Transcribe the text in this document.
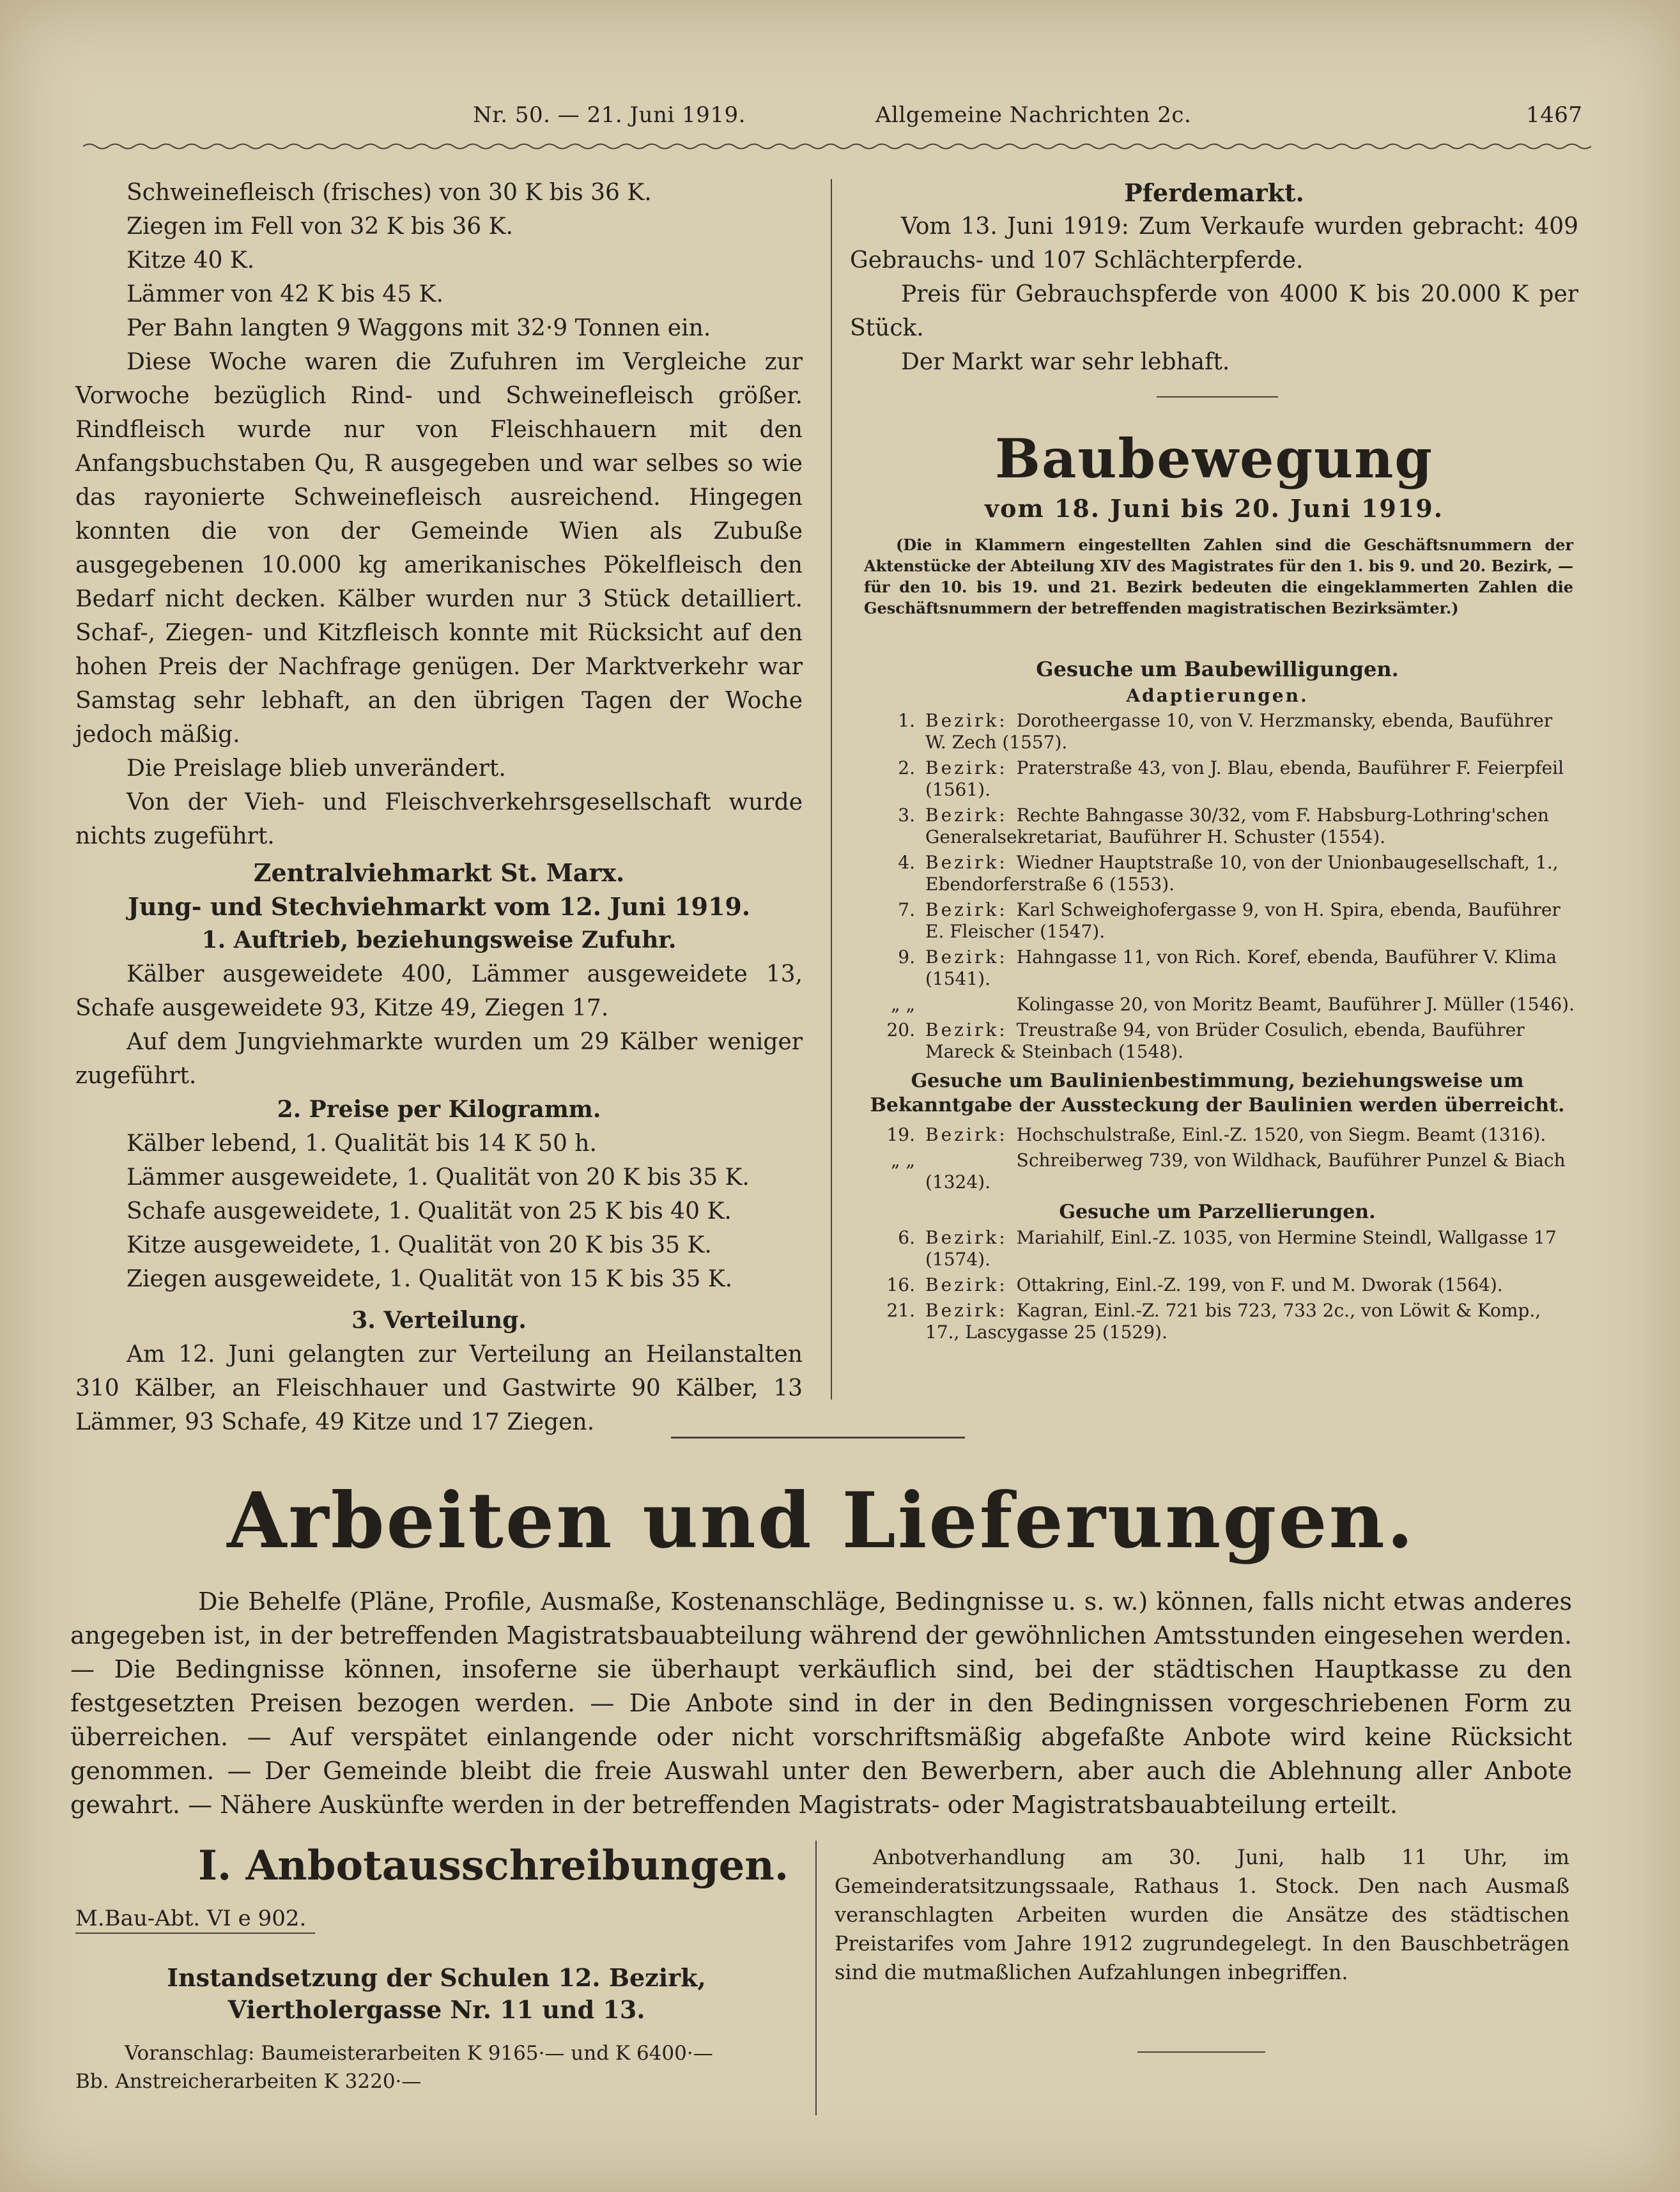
Nr. 50. — 21. Juni 1919.	Allgemeine Nachrichten 2c.	1467

Schweinefleisch (frisches) von 30 K bis 36 K.

Ziegen im Fell von 32 K bis 36 K.

Kitze 40 K.

Lämmer von 42 K bis 45 K.

Per Bahn langten 9 Waggons mit 32·9 Tonnen ein.

Diese Woche waren die Zufuhren im Vergleiche zur Vorwoche bezüglich Rind- und Schweinefleisch größer. Rindfleisch wurde nur von Fleischhauern mit den Anfangsbuchstaben Qu, R ausgegeben und war selbes so wie das rayonierte Schweinefleisch ausreichend. Hingegen konnten die von der Gemeinde Wien als Zubuße ausgegebenen 10.000 kg amerikanisches Pökelfleisch den Bedarf nicht decken. Kälber wurden nur 3 Stück detailliert. Schaf-, Ziegen- und Kitzfleisch konnte mit Rücksicht auf den hohen Preis der Nachfrage genügen. Der Marktverkehr war Samstag sehr lebhaft, an den übrigen Tagen der Woche jedoch mäßig.

Die Preislage blieb unverändert.

Von der Vieh- und Fleischverkehrsgesellschaft wurde nichts zugeführt.

Zentralviehmarkt St. Marx.

Jung- und Stechviehmarkt vom 12. Juni 1919.

1. Auftrieb, beziehungsweise Zufuhr.

Kälber ausgeweidete 400, Lämmer ausgeweidete 13, Schafe ausgeweidete 93, Kitze 49, Ziegen 17.

Auf dem Jungviehmarkte wurden um 29 Kälber weniger zugeführt.

2. Preise per Kilogramm.

Kälber lebend, 1. Qualität bis 14 K 50 h.

Lämmer ausgeweidete, 1. Qualität von 20 K bis 35 K.

Schafe ausgeweidete, 1. Qualität von 25 K bis 40 K.

Kitze ausgeweidete, 1. Qualität von 20 K bis 35 K.

Ziegen ausgeweidete, 1. Qualität von 15 K bis 35 K.

3. Verteilung.

Am 12. Juni gelangten zur Verteilung an Heilanstalten 310 Kälber, an Fleischhauer und Gastwirte 90 Kälber, 13 Lämmer, 93 Schafe, 49 Kitze und 17 Ziegen.

Pferdemarkt.

Vom 13. Juni 1919: Zum Verkaufe wurden gebracht: 409 Gebrauchs- und 107 Schlächterpferde.

Preis für Gebrauchspferde von 4000 K bis 20.000 K per Stück.

Der Markt war sehr lebhaft.

Baubewegung
vom 18. Juni bis 20. Juni 1919.
(Die in Klammern eingestellten Zahlen sind die Geschäftsnummern der Aktenstücke der Abteilung XIV des Magistrates für den 1. bis 9. und 20. Bezirk, — für den 10. bis 19. und 21. Bezirk bedeuten die eingeklammerten Zahlen die Geschäftsnummern der betreffenden magistratischen Bezirksämter.)
Gesuche um Baubewilligungen.
Adaptierungen.
1. Bezirk: Dorotheergasse 10, von V. Herzmansky, ebenda, Bauführer W. Zech (1557).
2. Bezirk: Praterstraße 43, von J. Blau, ebenda, Bauführer F. Feierpfeil (1561).
3. Bezirk: Rechte Bahngasse 30/32, vom F. Habsburg-Lothring'schen Generalsekretariat, Bauführer H. Schuster (1554).
4. Bezirk: Wiedner Hauptstraße 10, von der Unionbaugesellschaft, 1., Ebendorferstraße 6 (1553).
7. Bezirk: Karl Schweighofergasse 9, von H. Spira, ebenda, Bauführer E. Fleischer (1547).
9. Bezirk: Hahngasse 11, von Rich. Koref, ebenda, Bauführer V. Klima (1541).
„ „	Kolingasse 20, von Moritz Beamt, Bauführer J. Müller (1546).
20. Bezirk: Treustraße 94, von Brüder Cosulich, ebenda, Bauführer Mareck & Steinbach (1548).
Gesuche um Baulinienbestimmung, beziehungsweise um Bekanntgabe der Aussteckung der Baulinien werden überreicht.
19. Bezirk: Hochschulstraße, Einl.-Z. 1520, von Siegm. Beamt (1316).
„ „	Schreiberweg 739, von Wildhack, Bauführer Punzel & Biach (1324).
Gesuche um Parzellierungen.
6. Bezirk: Mariahilf, Einl.-Z. 1035, von Hermine Steindl, Wallgasse 17 (1574).
16. Bezirk: Ottakring, Einl.-Z. 199, von F. und M. Dworak (1564).
21. Bezirk: Kagran, Einl.-Z. 721 bis 723, 733 2c., von Löwit & Komp., 17., Lascygasse 25 (1529).
Arbeiten und Lieferungen.
Die Behelfe (Pläne, Profile, Ausmaße, Kostenanschläge, Bedingnisse u. s. w.) können, falls nicht etwas anderes angegeben ist, in der betreffenden Magistratsbauabteilung während der gewöhnlichen Amtsstunden eingesehen werden. — Die Bedingnisse können, insoferne sie überhaupt verkäuflich sind, bei der städtischen Hauptkasse zu den festgesetzten Preisen bezogen werden. — Die Anbote sind in der in den Bedingnissen vorgeschriebenen Form zu überreichen. — Auf verspätet einlangende oder nicht vorschriftsmäßig abgefaßte Anbote wird keine Rücksicht genommen. — Der Gemeinde bleibt die freie Auswahl unter den Bewerbern, aber auch die Ablehnung aller Anbote gewahrt. — Nähere Auskünfte werden in der betreffenden Magistrats- oder Magistratsbauabteilung erteilt.
I. Anbotausschreibungen.
M.Bau-Abt. VI e 902.
Instandsetzung der Schulen 12. Bezirk, Viertholergasse Nr. 11 und 13.
Voranschlag: Baumeisterarbeiten K 9165·— und K 6400·—
Bb. Anstreicherarbeiten K 3220·—
Anbotverhandlung am 30. Juni, halb 11 Uhr, im Gemeinderatsitzungssaale, Rathaus 1. Stock. Den nach Ausmaß veranschlagten Arbeiten wurden die Ansätze des städtischen Preistarifes vom Jahre 1912 zugrundegelegt. In den Bauschbeträgen sind die mutmaßlichen Aufzahlungen inbegriffen.
